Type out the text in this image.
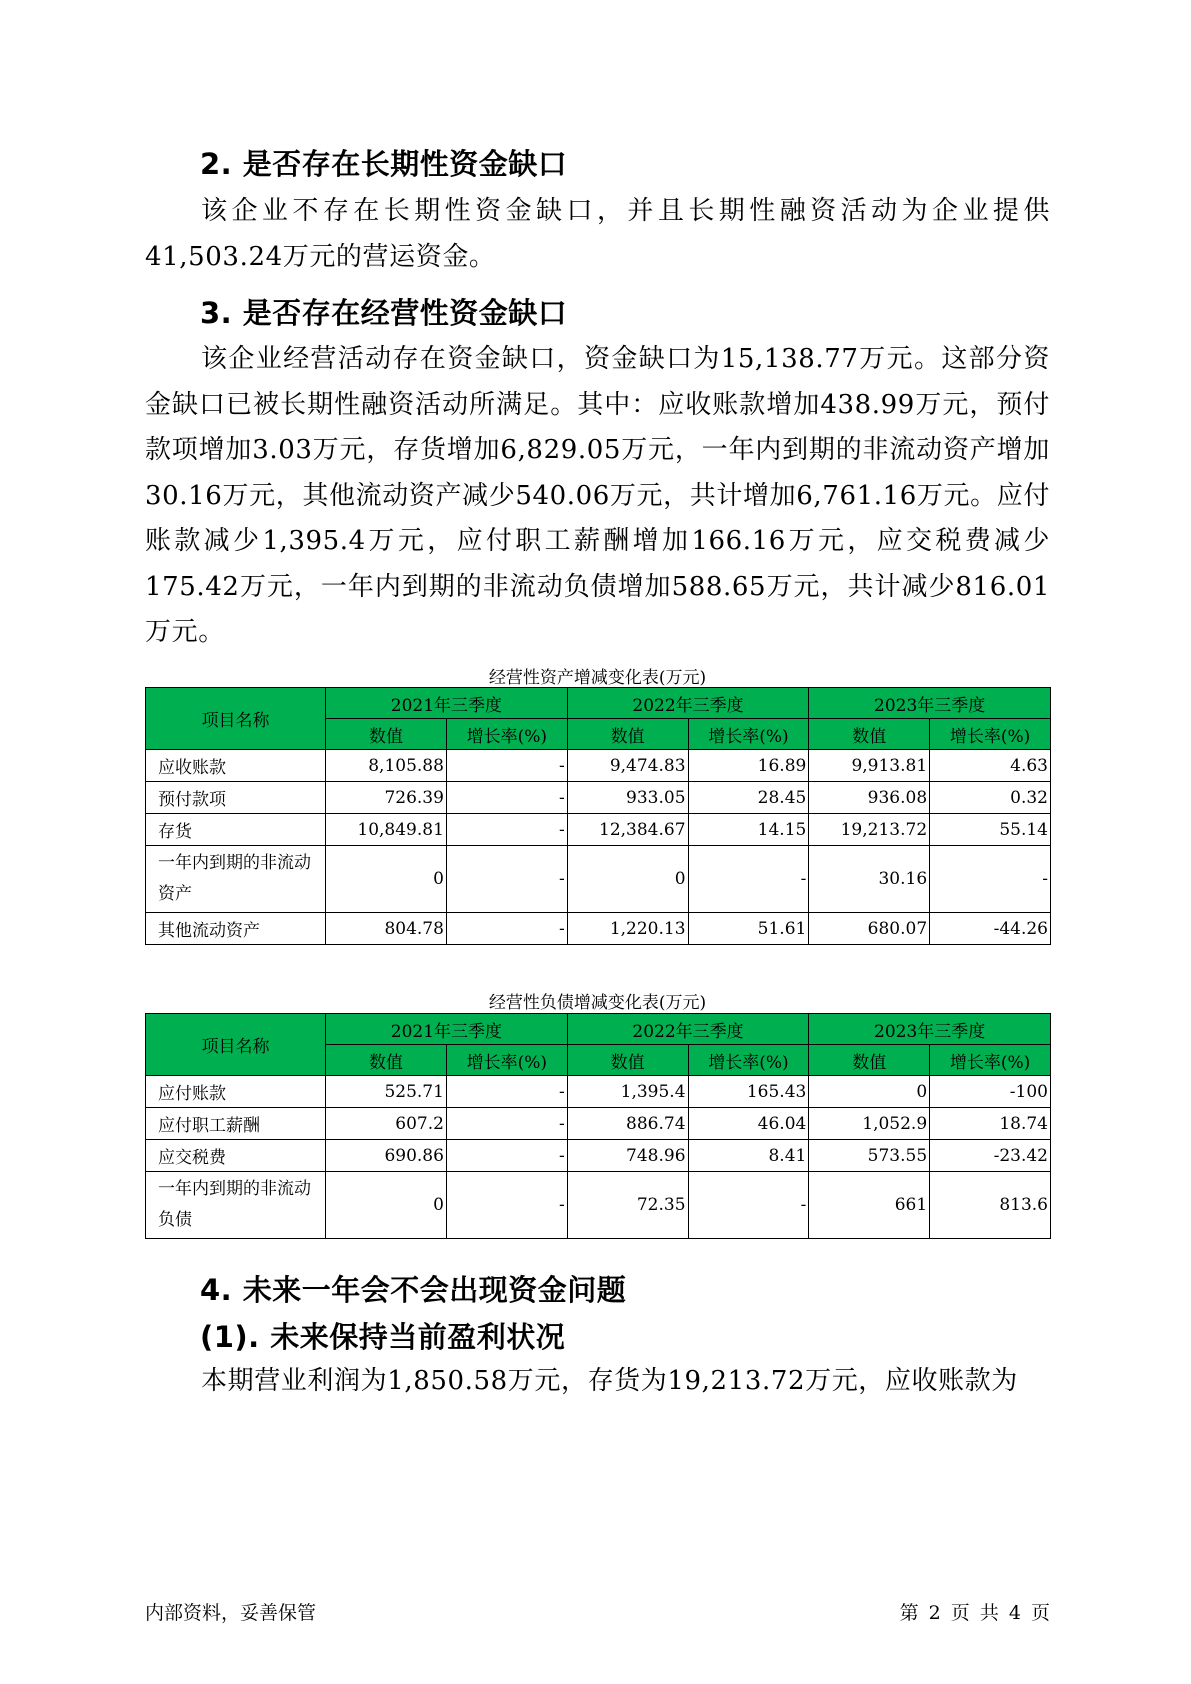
2. 是否存在长期性资金缺口

该企业不存在长期性资金缺口，并且长期性融资活动为企业提供41,503.24万元的营运资金。

3. 是否存在经营性资金缺口

该企业经营活动存在资金缺口，资金缺口为15,138.77万元。这部分资金缺口已被长期性融资活动所满足。其中：应收账款增加438.99万元，预付款项增加3.03万元，存货增加6,829.05万元，一年内到期的非流动资产增加30.16万元，其他流动资产减少540.06万元，共计增加6,761.16万元。应付账款减少1,395.4万元，应付职工薪酬增加166.16万元，应交税费减少175.42万元，一年内到期的非流动负债增加588.65万元，共计减少816.01万元。

经营性资产增减变化表(万元)

项目名称	2021年三季度		2022年三季度		2023年三季度	
	数值	增长率(%)	数值	增长率(%)	数值	增长率(%)
应收账款	8,105.88	-	9,474.83	16.89	9,913.81	4.63
预付款项	726.39	-	933.05	28.45	936.08	0.32
存货	10,849.81	-	12,384.67	14.15	19,213.72	55.14
一年内到期的非流动资产	0	-	0	-	30.16	-
其他流动资产	804.78	-	1,220.13	51.61	680.07	-44.26

经营性负债增减变化表(万元)

项目名称	2021年三季度		2022年三季度		2023年三季度	
	数值	增长率(%)	数值	增长率(%)	数值	增长率(%)
应付账款	525.71	-	1,395.4	165.43	0	-100
应付职工薪酬	607.2	-	886.74	46.04	1,052.9	18.74
应交税费	690.86	-	748.96	8.41	573.55	-23.42
一年内到期的非流动负债	0	-	72.35	-	661	813.6
4. 未来一年会不会出现资金问题
(1). 未来保持当前盈利状况

本期营业利润为1,850.58万元，存货为19,213.72万元，应收账款为

内部资料，妥善保管	第 2 页 共 4 页
